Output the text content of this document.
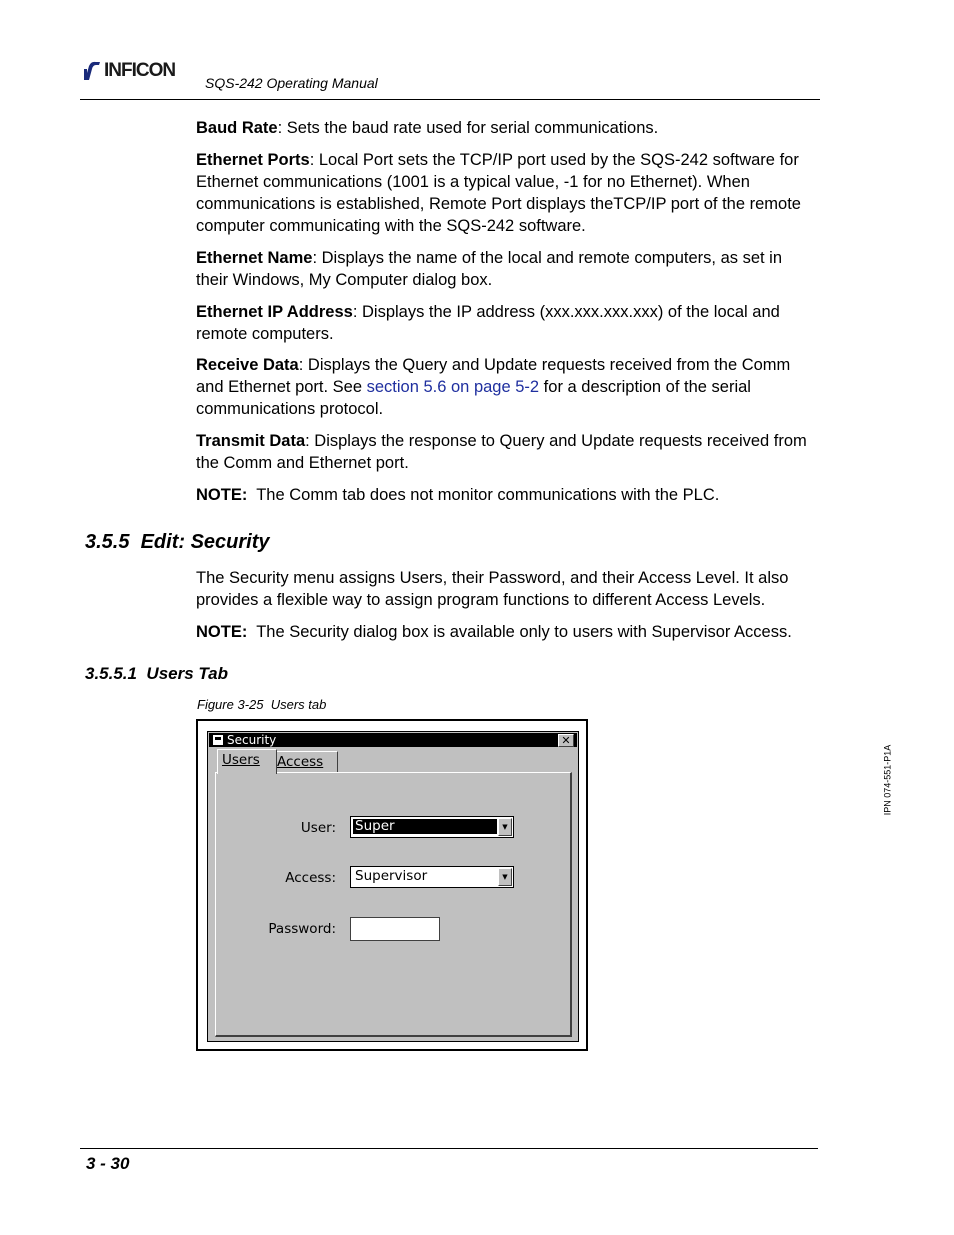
INFICON
SQS-242 Operating Manual
Baud Rate: Sets the baud rate used for serial communications.
Ethernet Ports: Local Port sets the TCP/IP port used by the SQS-242 software for Ethernet communications (1001 is a typical value, -1 for no Ethernet). When communications is established, Remote Port displays theTCP/IP port of the remote computer communicating with the SQS-242 software.
Ethernet Name: Displays the name of the local and remote computers, as set in their Windows, My Computer dialog box.
Ethernet IP Address: Displays the IP address (xxx.xxx.xxx.xxx) of the local and remote computers.
Receive Data: Displays the Query and Update requests received from the Comm and Ethernet port. See section 5.6 on page 5-2 for a description of the serial communications protocol.
Transmit Data: Displays the response to Query and Update requests received from the Comm and Ethernet port.
NOTE:  The Comm tab does not monitor communications with the PLC.
3.5.5  Edit: Security
The Security menu assigns Users, their Password, and their Access Level. It also provides a flexible way to assign program functions to different Access Levels.
NOTE:  The Security dialog box is available only to users with Supervisor Access.
3.5.5.1  Users Tab
Figure 3-25  Users tab
Security	✕
User: Super	▼
Access: Supervisor	▼
Password:
Users	Access	IPN 074-551-P1A
3 - 30
